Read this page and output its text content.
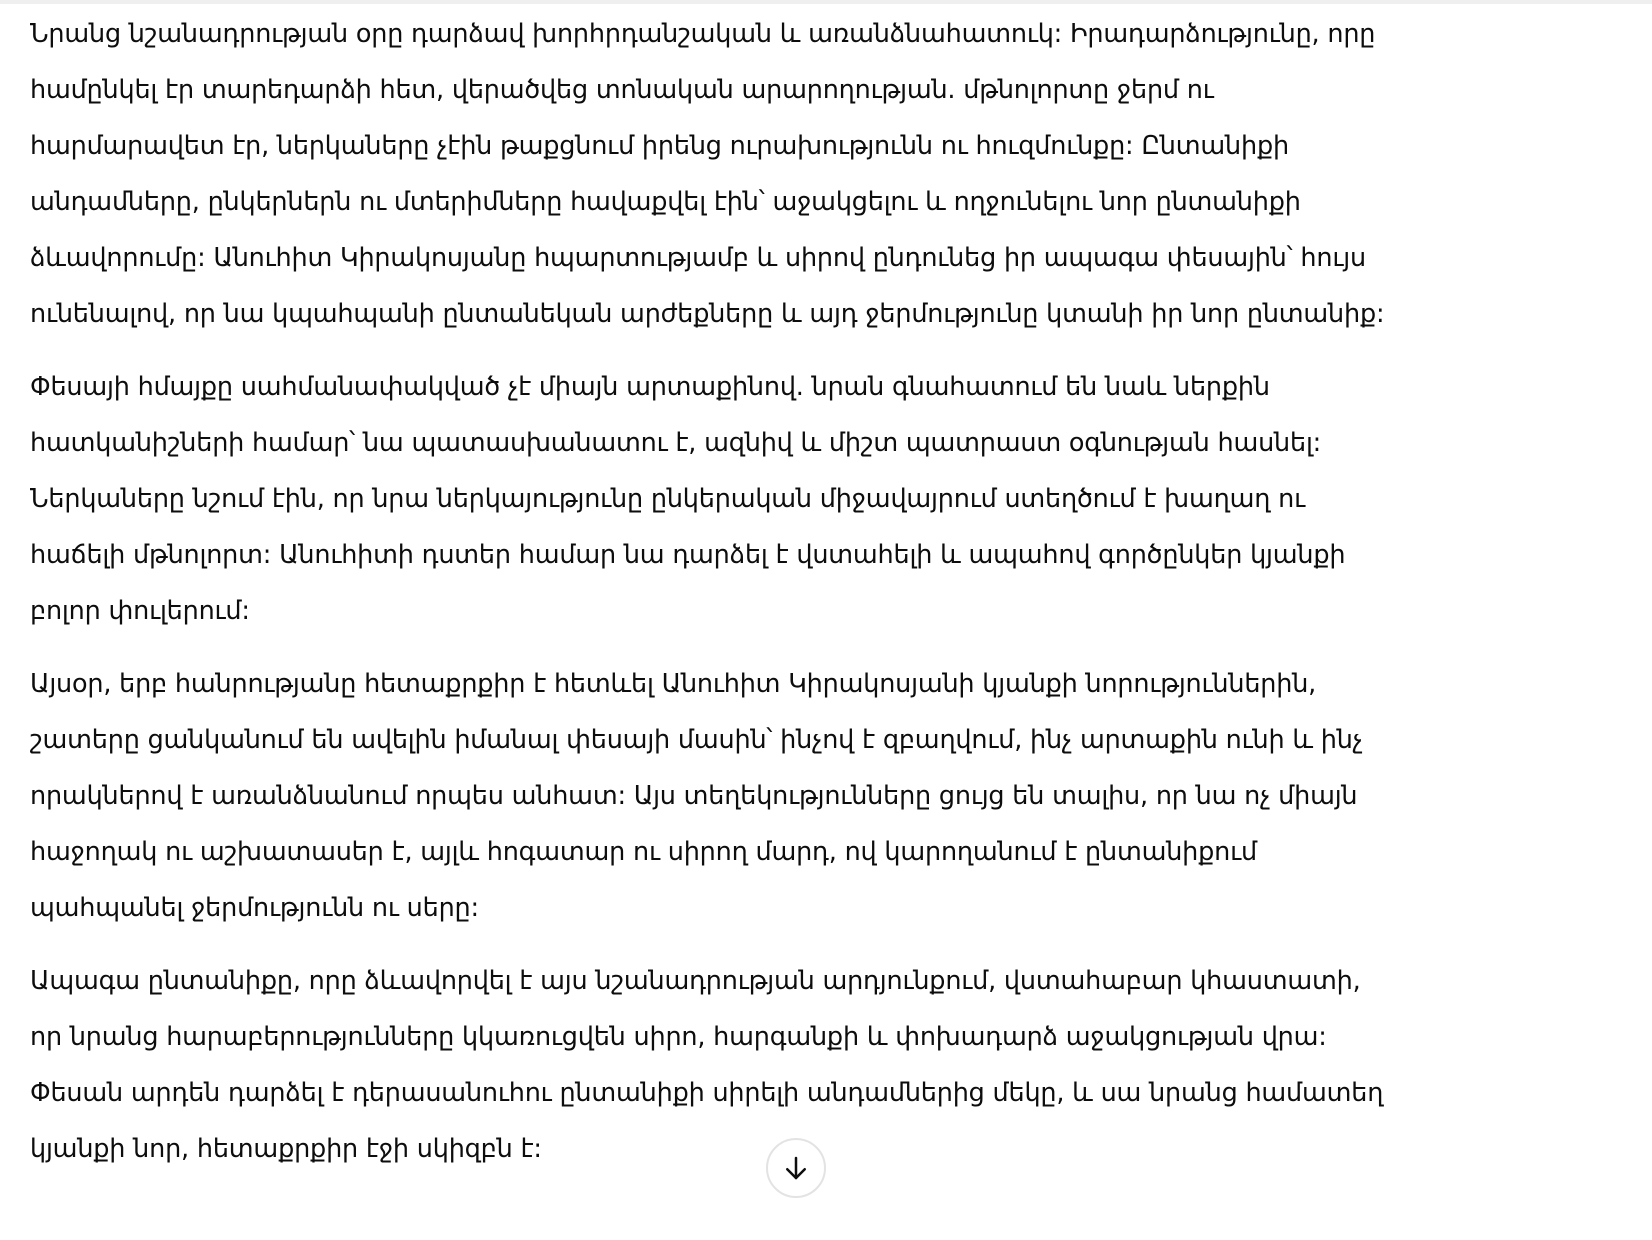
Նրանց նշանադրության օրը դարձավ խորհրդանշական և առանձնահատուկ: Իրադարձությունը, որը
համընկել էր տարեդարձի հետ, վերածվեց տոնական արարողության. մթնոլորտը ջերմ ու
հարմարավետ էր, ներկաները չէին թաքցնում իրենց ուրախությունն ու հուզմունքը: Ընտանիքի
անդամները, ընկերներն ու մտերիմները հավաքվել էին՝ աջակցելու և ողջունելու նոր ընտանիքի
ձևավորումը: Անուհիտ Կիրակոսյանը հպարտությամբ և սիրով ընդունեց իր ապագա փեսային՝ հույս
ունենալով, որ նա կպահպանի ընտանեկան արժեքները և այդ ջերմությունը կտանի իր նոր ընտանիք:

Փեսայի հմայքը սահմանափակված չէ միայն արտաքինով. նրան գնահատում են նաև ներքին
հատկանիշների համար՝ նա պատասխանատու է, ազնիվ և միշտ պատրաստ օգնության հասնել:
Ներկաները նշում էին, որ նրա ներկայությունը ընկերական միջավայրում ստեղծում է խաղաղ ու
հաճելի մթնոլորտ: Անուհիտի դստեր համար նա դարձել է վստահելի և ապահով գործընկեր կյանքի
բոլոր փուլերում:

Այսօր, երբ հանրությանը հետաքրքիր է հետևել Անուհիտ Կիրակոսյանի կյանքի նորություններին,
շատերը ցանկանում են ավելին իմանալ փեսայի մասին՝ ինչով է զբաղվում, ինչ արտաքին ունի և ինչ
որակներով է առանձնանում որպես անհատ: Այս տեղեկությունները ցույց են տալիս, որ նա ոչ միայն
հաջողակ ու աշխատասեր է, այլև հոգատար ու սիրող մարդ, ով կարողանում է ընտանիքում
պահպանել ջերմությունն ու սերը:

Ապագա ընտանիքը, որը ձևավորվել է այս նշանադրության արդյունքում, վստահաբար կհաստատի,
որ նրանց հարաբերությունները կկառուցվեն սիրո, հարգանքի և փոխադարձ աջակցության վրա:
Փեսան արդեն դարձել է դերասանուհու ընտանիքի սիրելի անդամներից մեկը, և սա նրանց համատեղ
կյանքի նոր, հետաքրքիր էջի սկիզբն է:
